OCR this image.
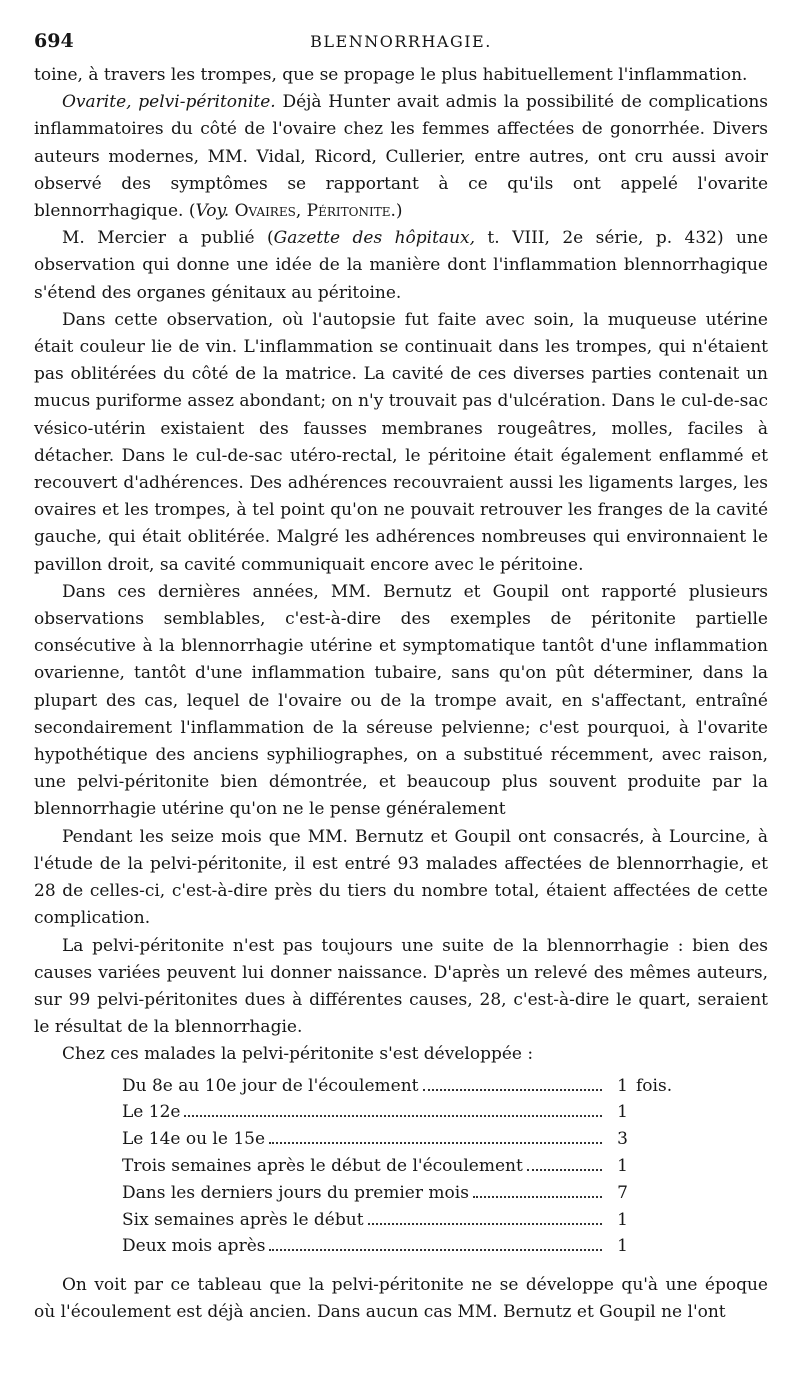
694	BLENNORRHAGIE.

toine, à travers les trompes, que se propage le plus habituellement l'inflammation.

Ovarite, pelvi-péritonite. Déjà Hunter avait admis la possibilité de complications inflammatoires du côté de l'ovaire chez les femmes affectées de gonorrhée. Divers auteurs modernes, MM. Vidal, Ricord, Cullerier, entre autres, ont cru aussi avoir observé des symptômes se rapportant à ce qu'ils ont appelé l'ovarite blennorrhagique. (Voy. Ovaires, Péritonite.)

M. Mercier a publié (Gazette des hôpitaux, t. VIII, 2e série, p. 432) une observation qui donne une idée de la manière dont l'inflammation blennorrhagique s'étend des organes génitaux au péritoine.

Dans cette observation, où l'autopsie fut faite avec soin, la muqueuse utérine était couleur lie de vin. L'inflammation se continuait dans les trompes, qui n'étaient pas oblitérées du côté de la matrice. La cavité de ces diverses parties contenait un mucus puriforme assez abondant; on n'y trouvait pas d'ulcération. Dans le cul-de-sac vésico-utérin existaient des fausses membranes rougeâtres, molles, faciles à détacher. Dans le cul-de-sac utéro-rectal, le péritoine était également enflammé et recouvert d'adhérences. Des adhérences recouvraient aussi les ligaments larges, les ovaires et les trompes, à tel point qu'on ne pouvait retrouver les franges de la cavité gauche, qui était oblitérée. Malgré les adhérences nombreuses qui environnaient le pavillon droit, sa cavité communiquait encore avec le péritoine.

Dans ces dernières années, MM. Bernutz et Goupil ont rapporté plusieurs observations semblables, c'est-à-dire des exemples de péritonite partielle consécutive à la blennorrhagie utérine et symptomatique tantôt d'une inflammation ovarienne, tantôt d'une inflammation tubaire, sans qu'on pût déterminer, dans la plupart des cas, lequel de l'ovaire ou de la trompe avait, en s'affectant, entraîné secondairement l'inflammation de la séreuse pelvienne; c'est pourquoi, à l'ovarite hypothétique des anciens syphiliographes, on a substitué récemment, avec raison, une pelvi-péritonite bien démontrée, et beaucoup plus souvent produite par la blennorrhagie utérine qu'on ne le pense généralement

Pendant les seize mois que MM. Bernutz et Goupil ont consacrés, à Lourcine, à l'étude de la pelvi-péritonite, il est entré 93 malades affectées de blennorrhagie, et 28 de celles-ci, c'est-à-dire près du tiers du nombre total, étaient affectées de cette complication.

La pelvi-péritonite n'est pas toujours une suite de la blennorrhagie : bien des causes variées peuvent lui donner naissance. D'après un relevé des mêmes auteurs, sur 99 pelvi-péritonites dues à différentes causes, 28, c'est-à-dire le quart, seraient le résultat de la blennorrhagie.

Chez ces malades la pelvi-péritonite s'est développée :

Du 8e au 10e jour de l'écoulement	1 fois.
Le 12e	1
Le 14e ou le 15e	3
Trois semaines après le début de l'écoulement	1
Dans les derniers jours du premier mois	7
Six semaines après le début	1
Deux mois après	1

On voit par ce tableau que la pelvi-péritonite ne se développe qu'à une époque où l'écoulement est déjà ancien. Dans aucun cas MM. Bernutz et Goupil ne l'ont
